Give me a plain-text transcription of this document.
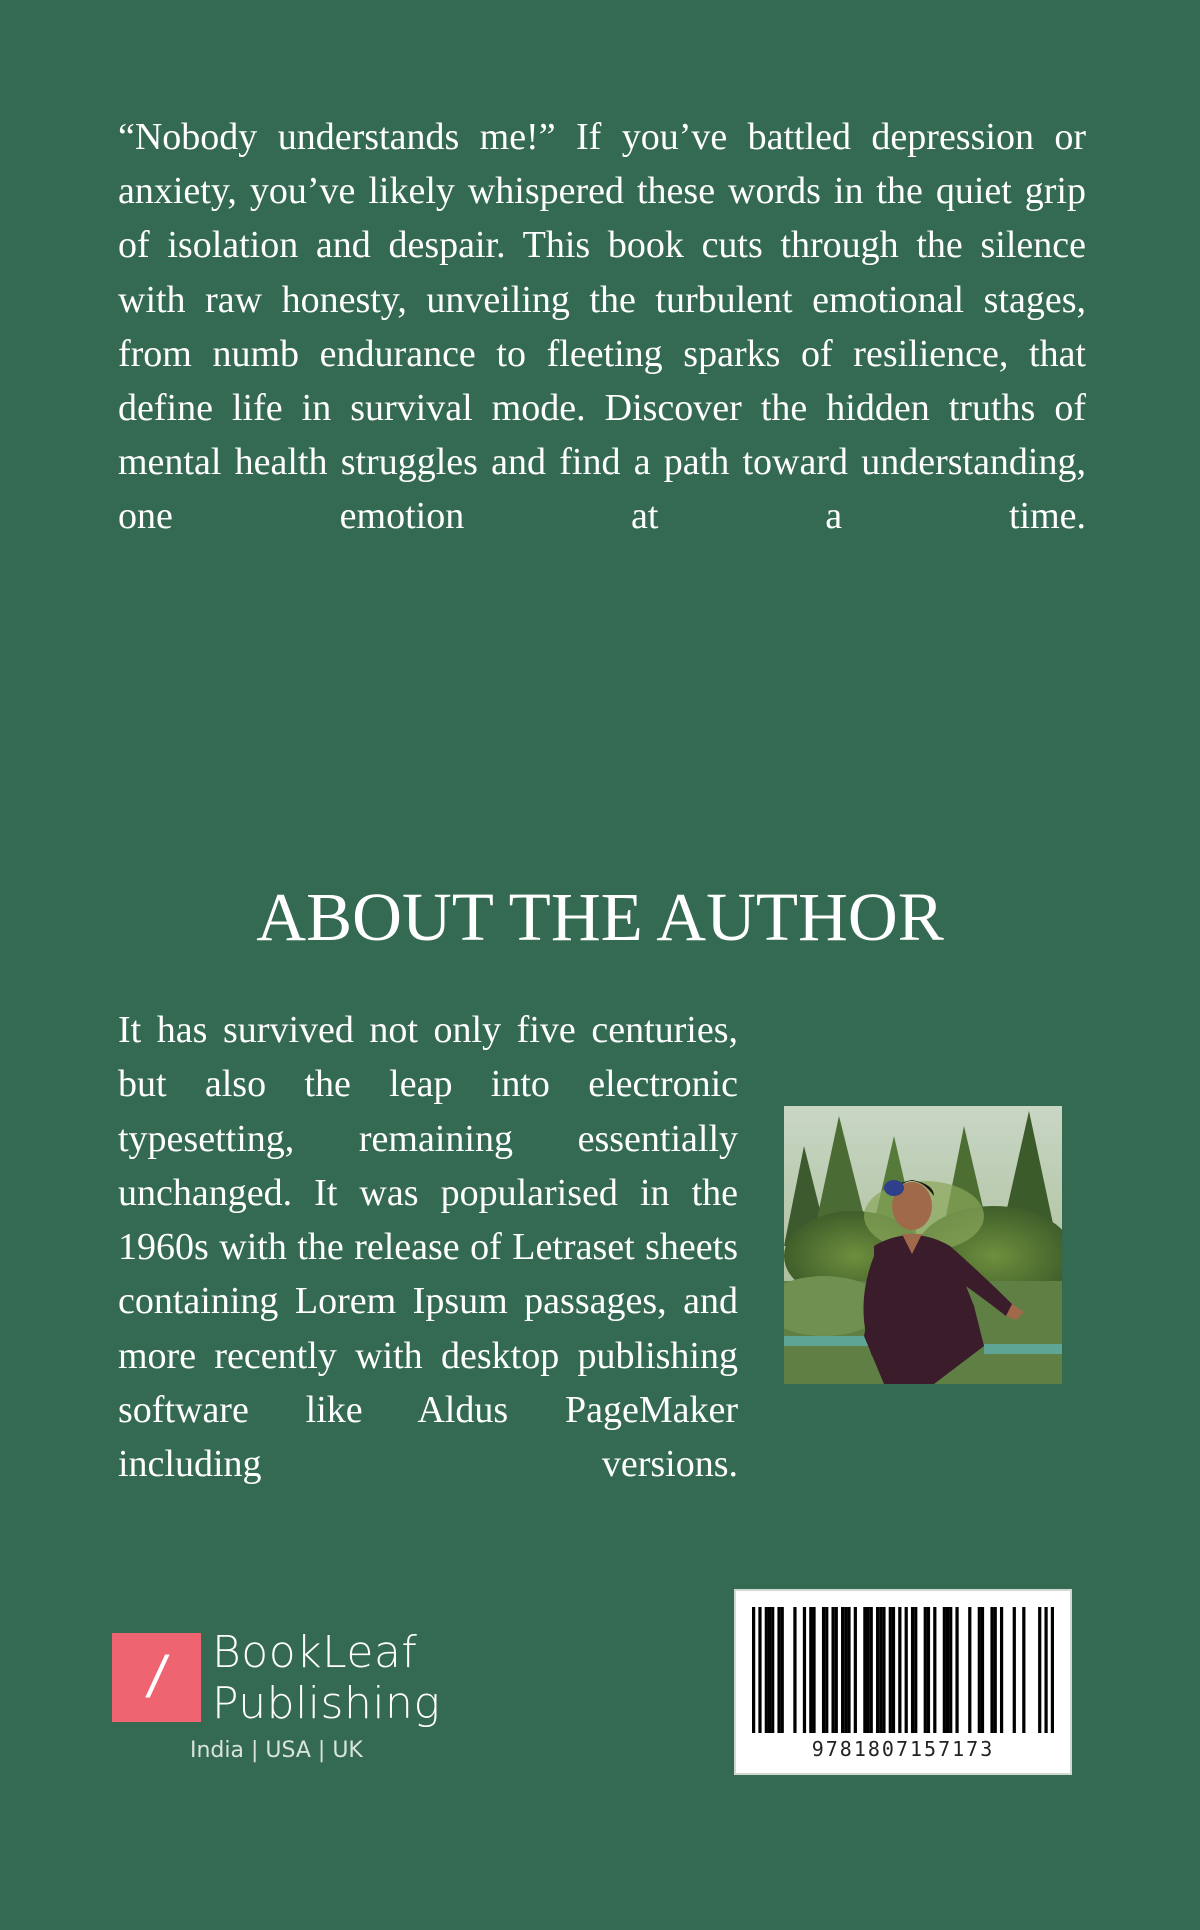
“Nobody understands me!” If you’ve battled depression or anxiety, you’ve likely whispered these words in the quiet grip of isolation and despair. This book cuts through the silence with raw honesty, unveiling the turbulent emotional stages, from numb endurance to fleeting sparks of resilience, that define life in survival mode. Discover the hidden truths of mental health struggles and find a path toward understanding, one emotion at a time.

ABOUT THE AUTHOR

It has survived not only five centuries, but also the leap into electronic typesetting, remaining essentially unchanged. It was popularised in the 1960s with the release of Letraset sheets containing Lorem Ipsum passages, and more recently with desktop publishing software like Aldus PageMaker including versions.

/	BookLeaf
Publishing
India | USA | UK	9781807157173
